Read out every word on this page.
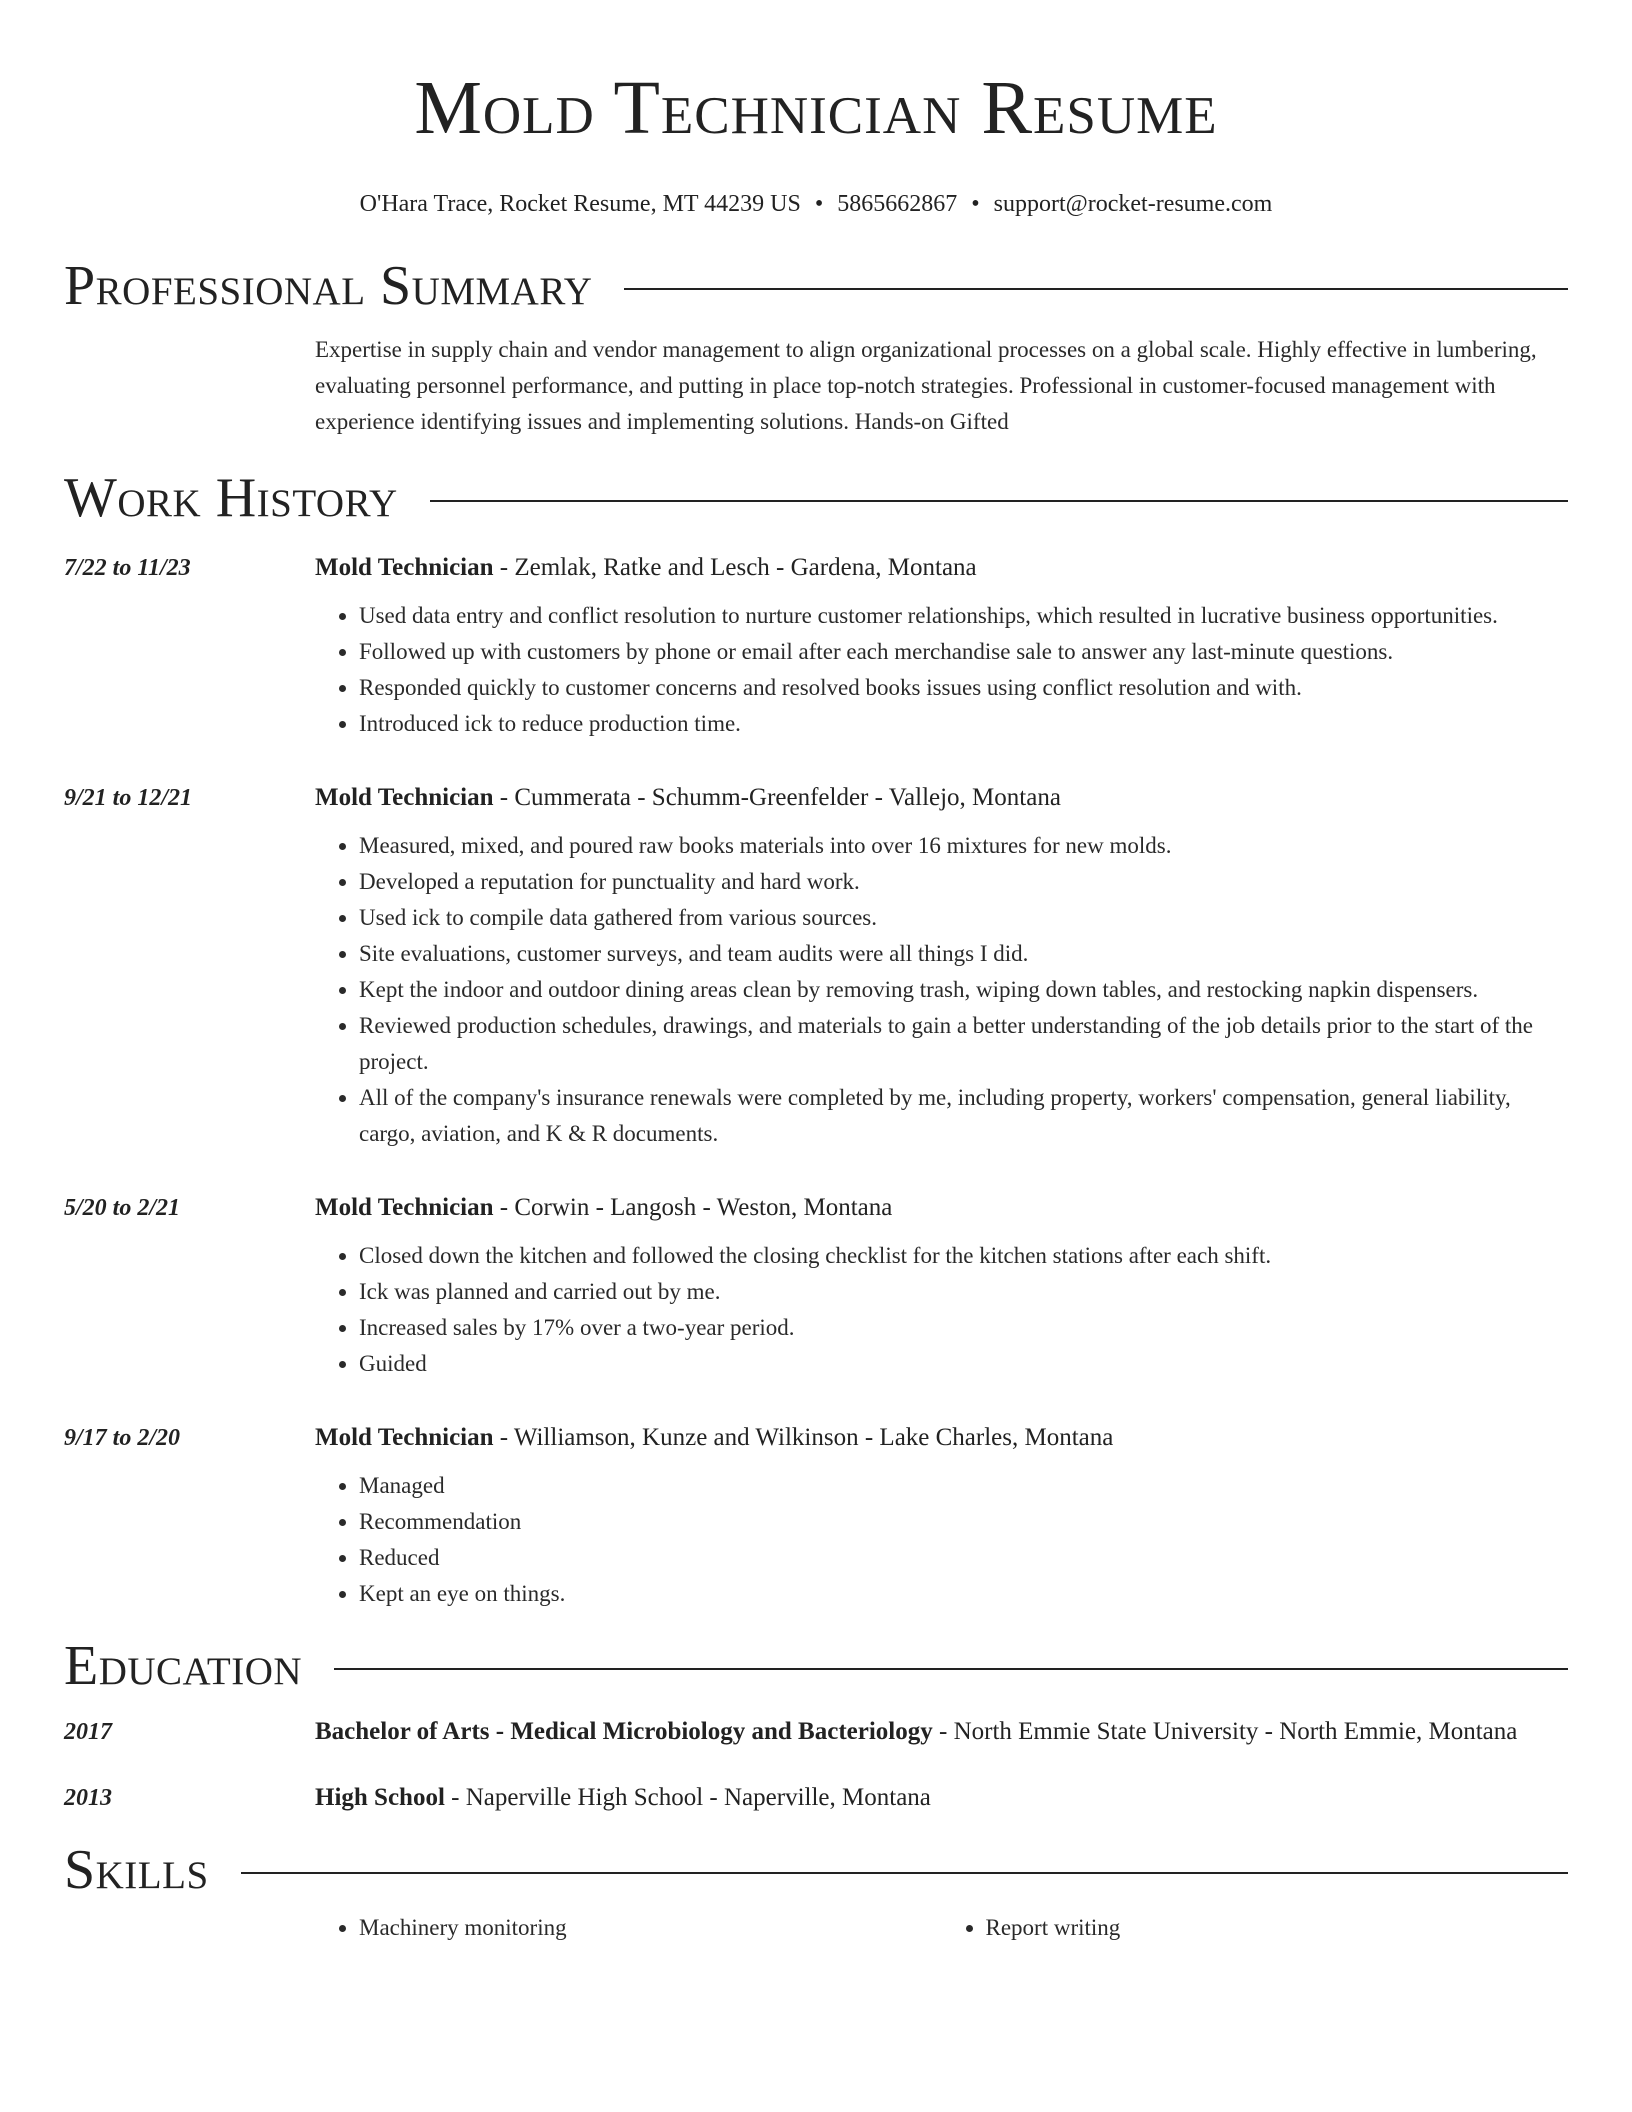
Mold Technician Resume
O'Hara Trace, Rocket Resume, MT 44239 US • 5865662867 • support@rocket-resume.com
Professional Summary
Expertise in supply chain and vendor management to align organizational processes on a global scale. Highly effective in lumbering, evaluating personnel performance, and putting in place top-notch strategies. Professional in customer-focused management with experience identifying issues and implementing solutions. Hands-on Gifted
Work History
7/22 to 11/23	Mold Technician - Zemlak, Ratke and Lesch - Gardena, Montana
• Used data entry and conflict resolution to nurture customer relationships, which resulted in lucrative business opportunities.
• Followed up with customers by phone or email after each merchandise sale to answer any last-minute questions.
• Responded quickly to customer concerns and resolved books issues using conflict resolution and with.
• Introduced ick to reduce production time.
9/21 to 12/21	Mold Technician - Cummerata - Schumm-Greenfelder - Vallejo, Montana
• Measured, mixed, and poured raw books materials into over 16 mixtures for new molds.
• Developed a reputation for punctuality and hard work.
• Used ick to compile data gathered from various sources.
• Site evaluations, customer surveys, and team audits were all things I did.
• Kept the indoor and outdoor dining areas clean by removing trash, wiping down tables, and restocking napkin dispensers.
• Reviewed production schedules, drawings, and materials to gain a better understanding of the job details prior to the start of the project.
• All of the company's insurance renewals were completed by me, including property, workers' compensation, general liability, cargo, aviation, and K & R documents.
5/20 to 2/21	Mold Technician - Corwin - Langosh - Weston, Montana
• Closed down the kitchen and followed the closing checklist for the kitchen stations after each shift.
• Ick was planned and carried out by me.
• Increased sales by 17% over a two-year period.
• Guided
9/17 to 2/20	Mold Technician - Williamson, Kunze and Wilkinson - Lake Charles, Montana
• Managed
• Recommendation
• Reduced
• Kept an eye on things.
Education
2017	Bachelor of Arts - Medical Microbiology and Bacteriology - North Emmie State University - North Emmie, Montana
2013	High School - Naperville High School - Naperville, Montana
Skills
• Machinery monitoring
•	Report writing
